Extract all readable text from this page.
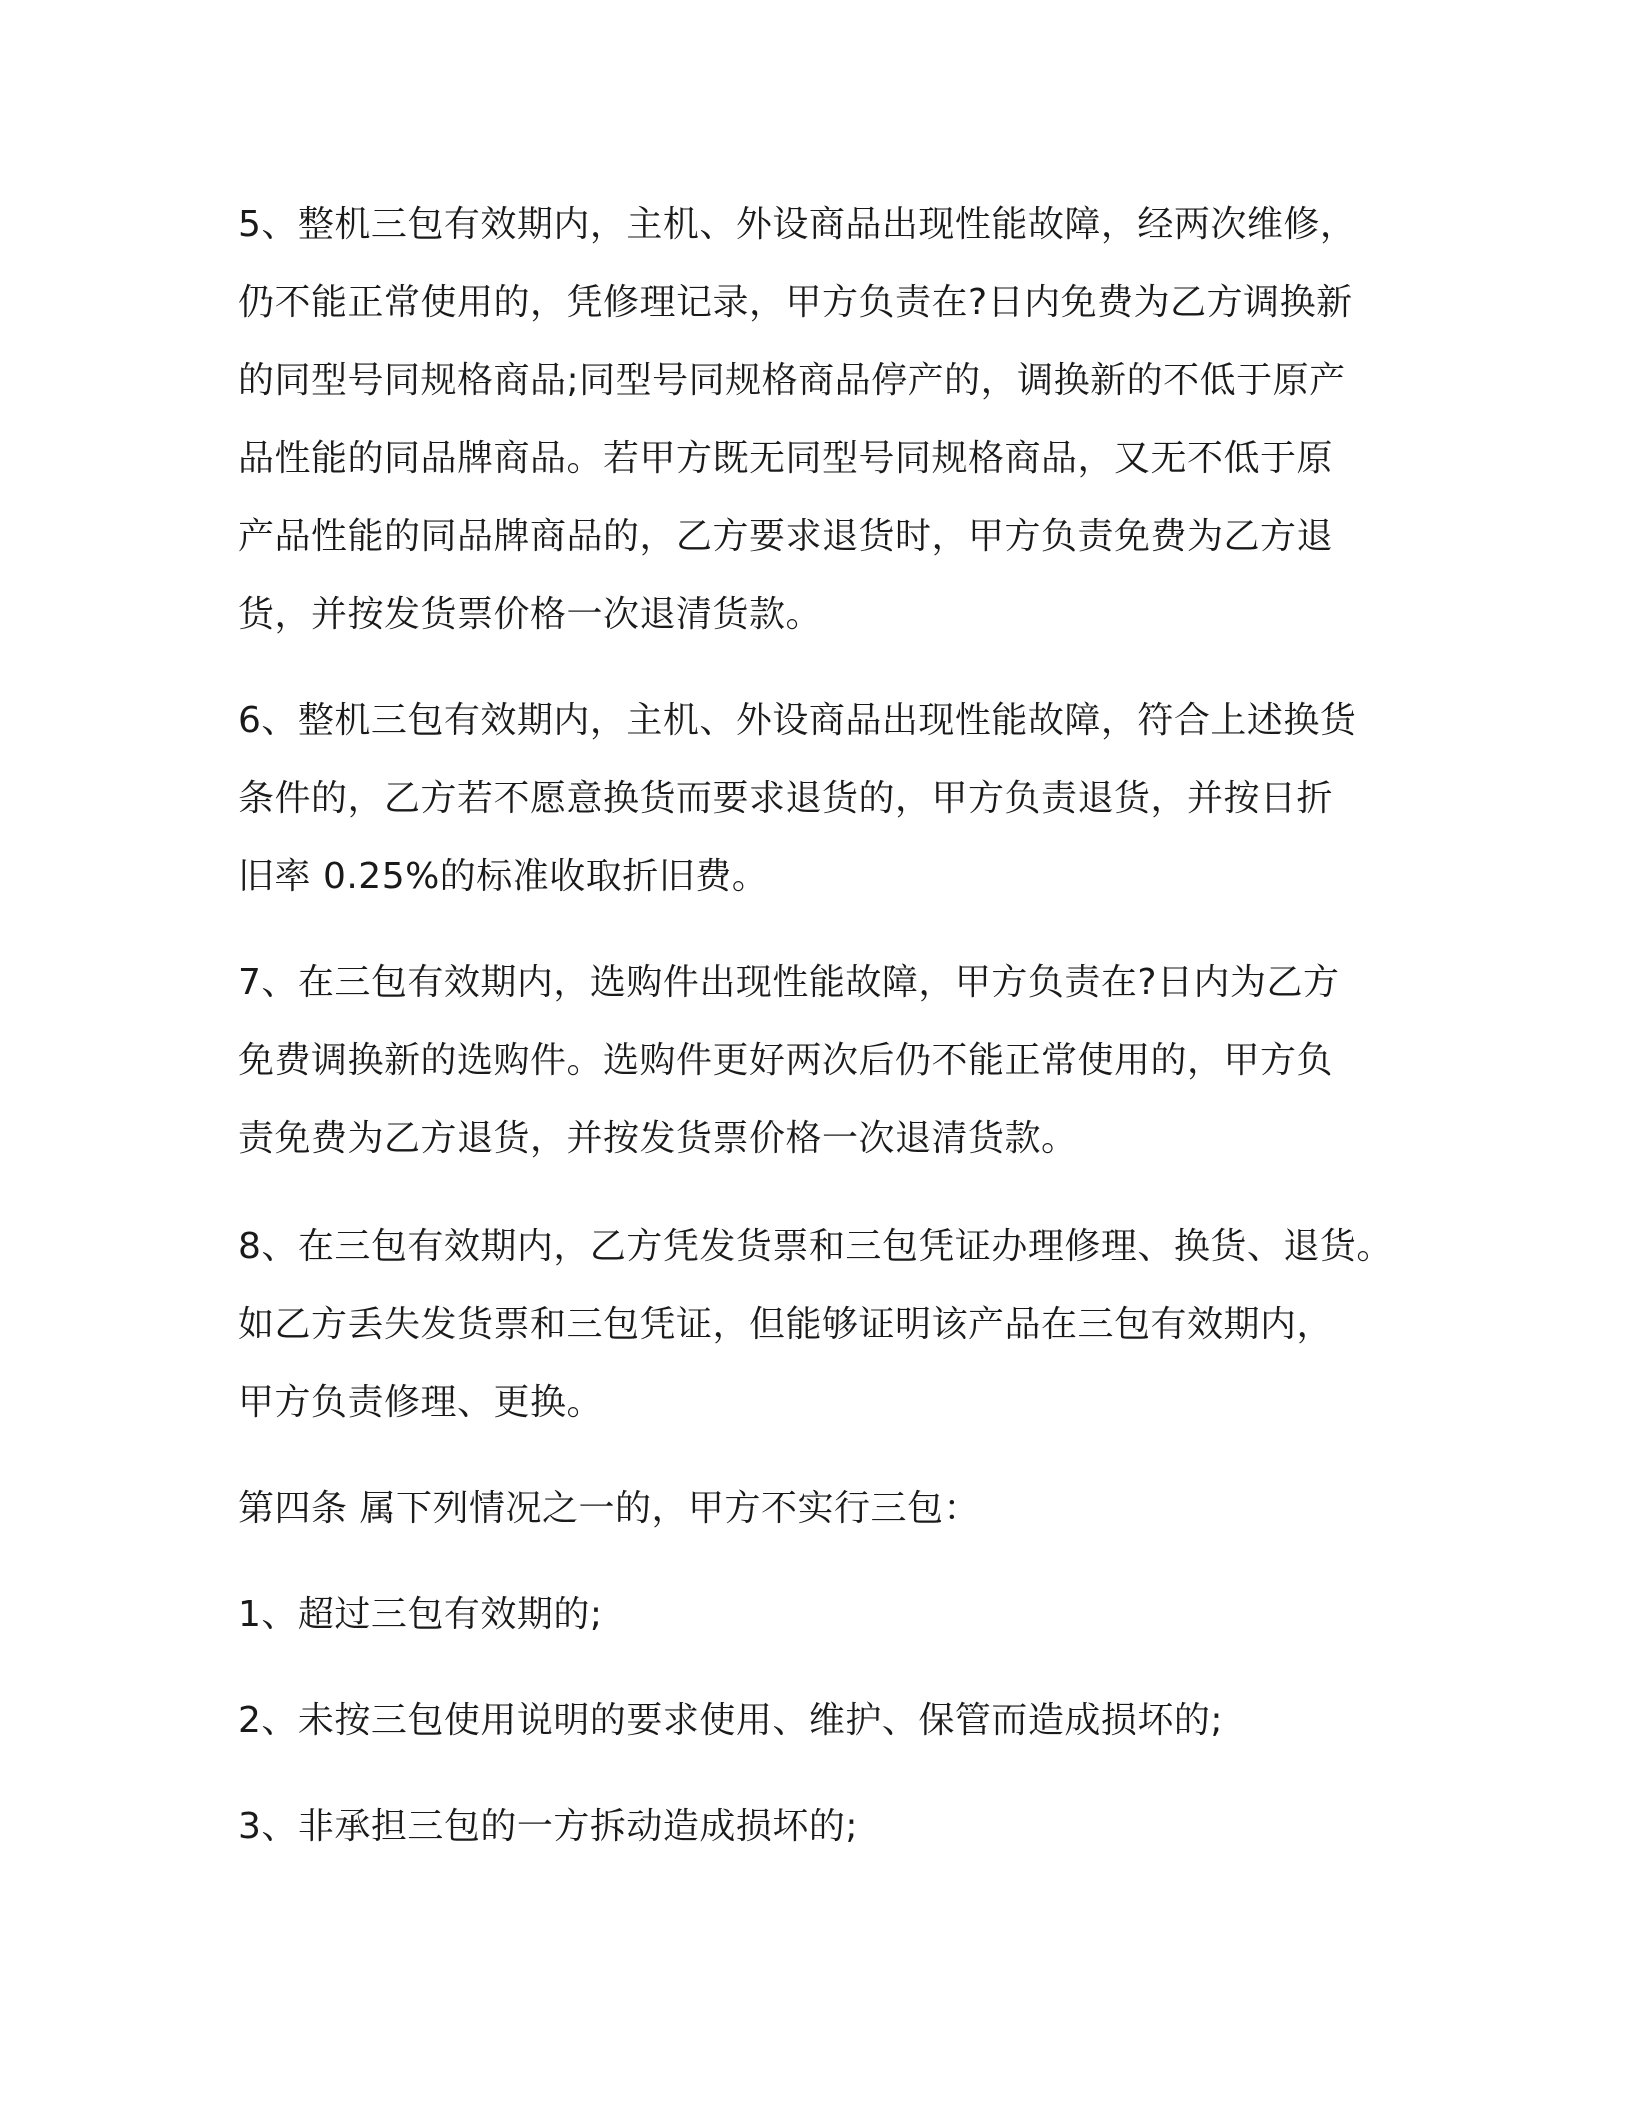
5、整机三包有效期内，主机、外设商品出现性能故障，经两次维修，
仍不能正常使用的，凭修理记录，甲方负责在?日内免费为乙方调换新
的同型号同规格商品;同型号同规格商品停产的，调换新的不低于原产
品性能的同品牌商品。若甲方既无同型号同规格商品，又无不低于原
产品性能的同品牌商品的，乙方要求退货时，甲方负责免费为乙方退
货，并按发货票价格一次退清货款。

6、整机三包有效期内，主机、外设商品出现性能故障，符合上述换货
条件的，乙方若不愿意换货而要求退货的，甲方负责退货，并按日折
旧率 0.25%的标准收取折旧费。

7、在三包有效期内，选购件出现性能故障，甲方负责在?日内为乙方
免费调换新的选购件。选购件更好两次后仍不能正常使用的，甲方负
责免费为乙方退货，并按发货票价格一次退清货款。

8、在三包有效期内，乙方凭发货票和三包凭证办理修理、换货、退货。
如乙方丢失发货票和三包凭证，但能够证明该产品在三包有效期内，
甲方负责修理、更换。

第四条 属下列情况之一的，甲方不实行三包：

1、超过三包有效期的;

2、未按三包使用说明的要求使用、维护、保管而造成损坏的;

3、非承担三包的一方拆动造成损坏的;
